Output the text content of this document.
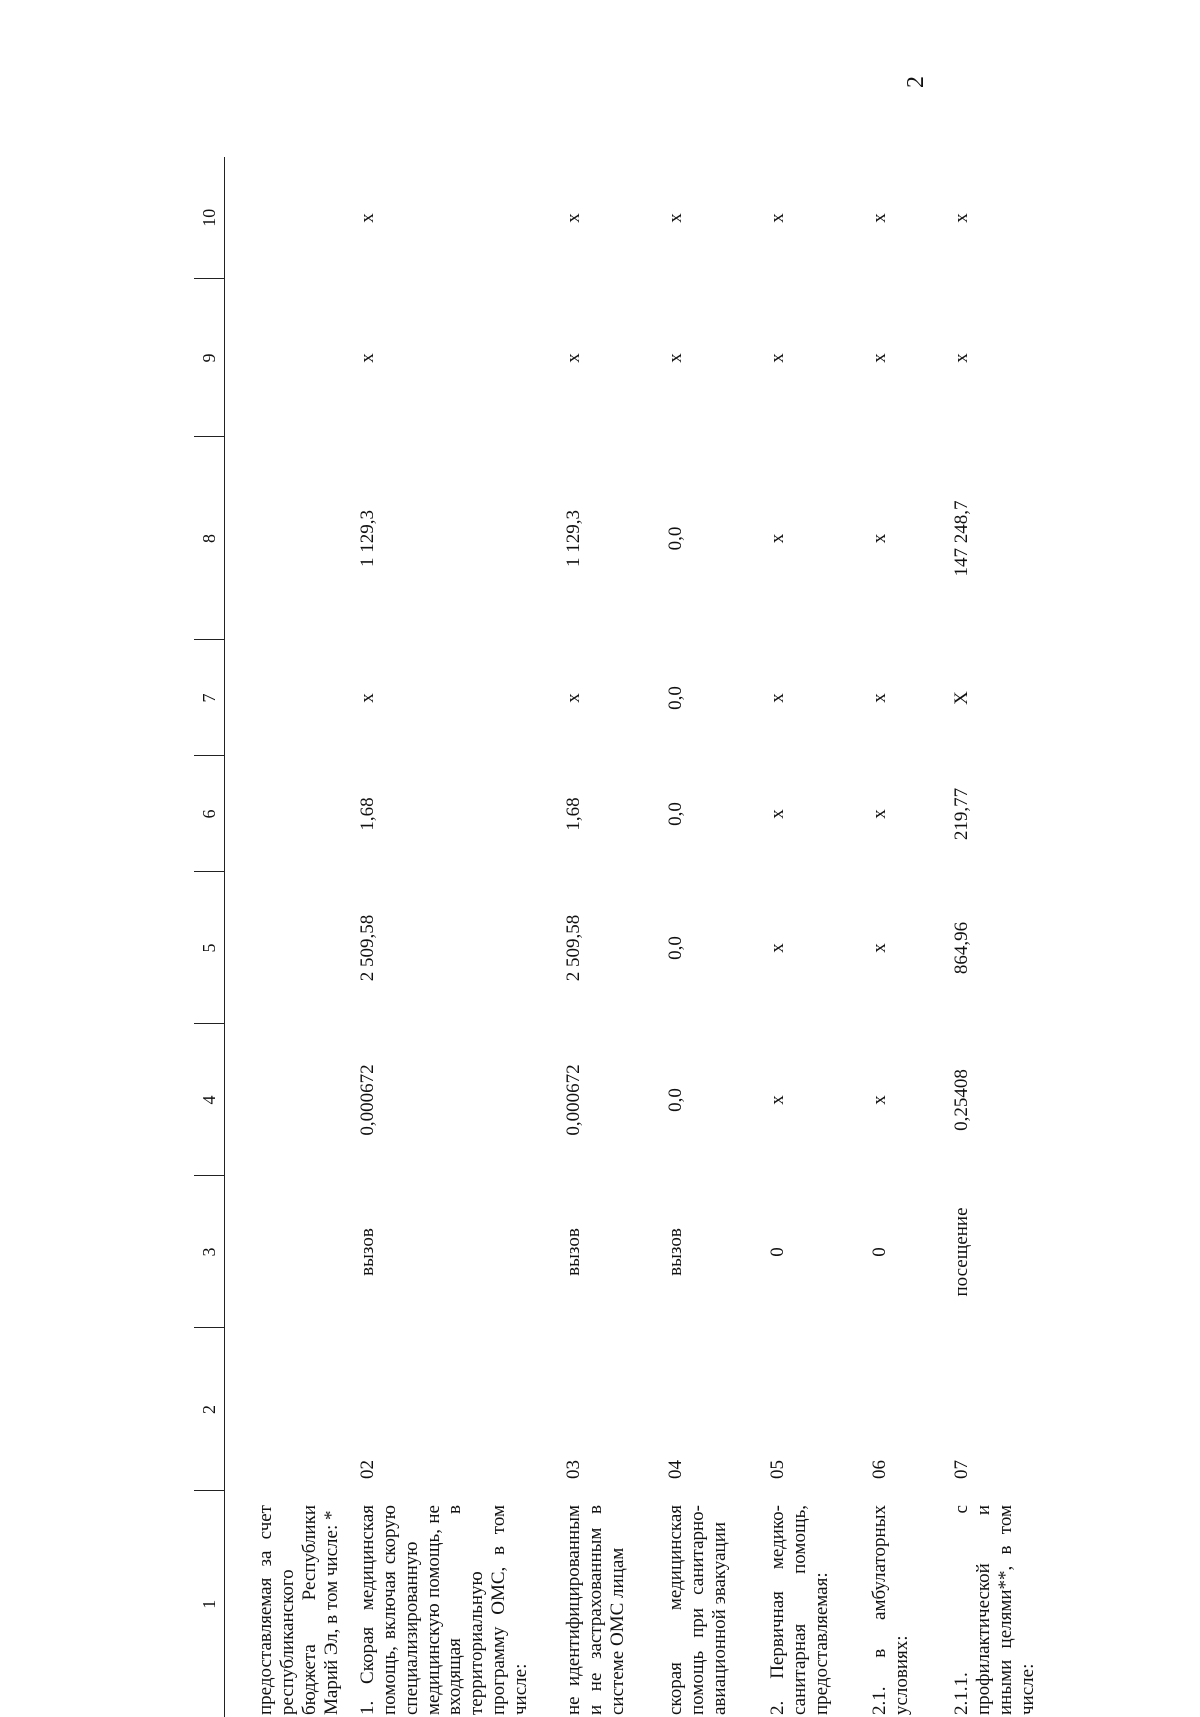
2
1	2	3	4	5	6	7	8	9	10
предоставляемая за счет республиканского бюджета Республики Марий Эл, в том числе: *									
1. Скорая медицинская помощь, включая скорую специализированную медицинскую помощь, не входящая в территориальную программу ОМС, в том числе:	02	вызов	0,000672	2 509,58	1,68	x	1 129,3	x	x
не идентифицированным и не застрахованным в системе ОМС лицам	03	вызов	0,000672	2 509,58	1,68	x	1 129,3	x	x
скорая медицинская помощь при санитарно-авиационной эвакуации	04	вызов	0,0	0,0	0,0	0,0	0,0	x	x
2. Первичная медико-санитарная помощь, предоставляемая:	05	0	x	x	x	x	x	x	x
2.1. в амбулаторных условиях:	06	0	x	x	x	x	x	x	x
2.1.1. с профилактической и иными целями**, в том числе:	07	посещение	0,25408	864,96	219,77	X	147 248,7	x	x
